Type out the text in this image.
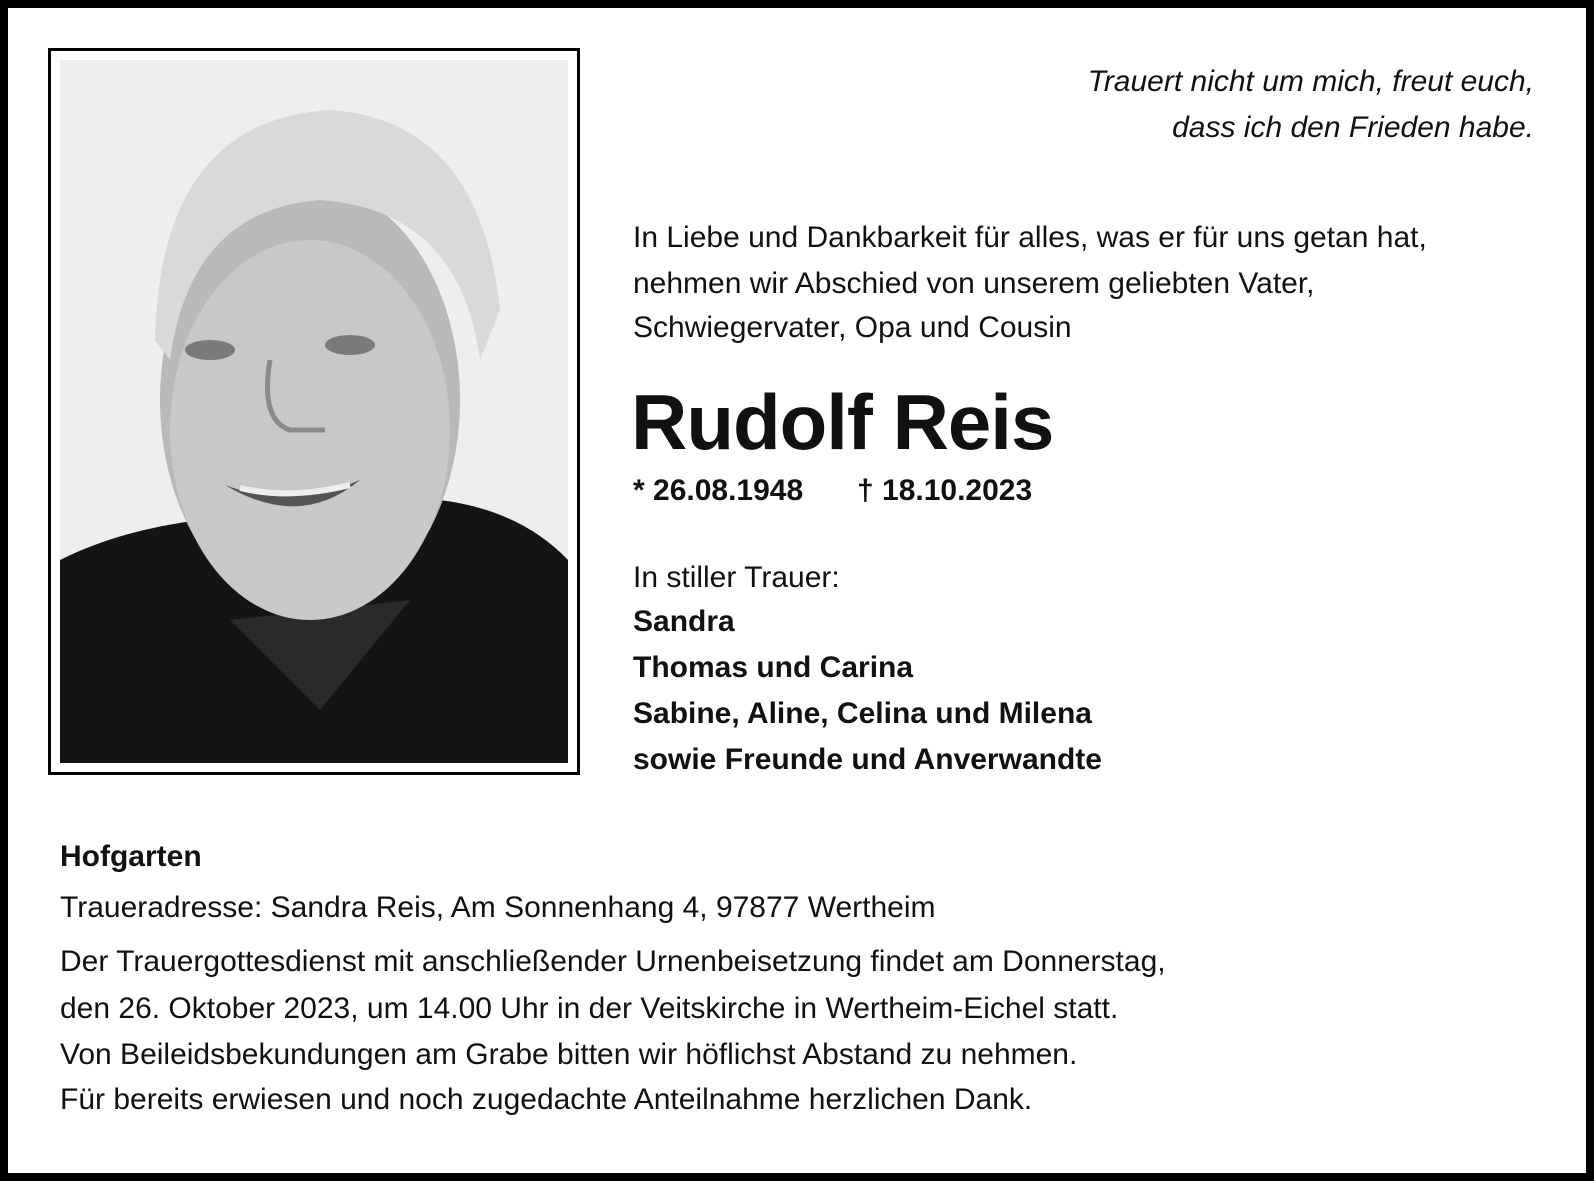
Trauert nicht um mich, freut euch,
dass ich den Frieden habe.
In Liebe und Dankbarkeit für alles, was er für uns getan hat,
nehmen wir Abschied von unserem geliebten Vater,
Schwiegervater, Opa und Cousin
Rudolf Reis
* 26.08.1948 † 18.10.2023
In stiller Trauer:
Sandra
Thomas und Carina
Sabine, Aline, Celina und Milena
sowie Freunde und Anverwandte
Hofgarten
Traueradresse: Sandra Reis, Am Sonnenhang 4, 97877 Wertheim
Der Trauergottesdienst mit anschließender Urnenbeisetzung findet am Donnerstag,
den 26. Oktober 2023, um 14.00 Uhr in der Veitskirche in Wertheim-Eichel statt.
Von Beileidsbekundungen am Grabe bitten wir höflichst Abstand zu nehmen.
Für bereits erwiesen und noch zugedachte Anteilnahme herzlichen Dank.
